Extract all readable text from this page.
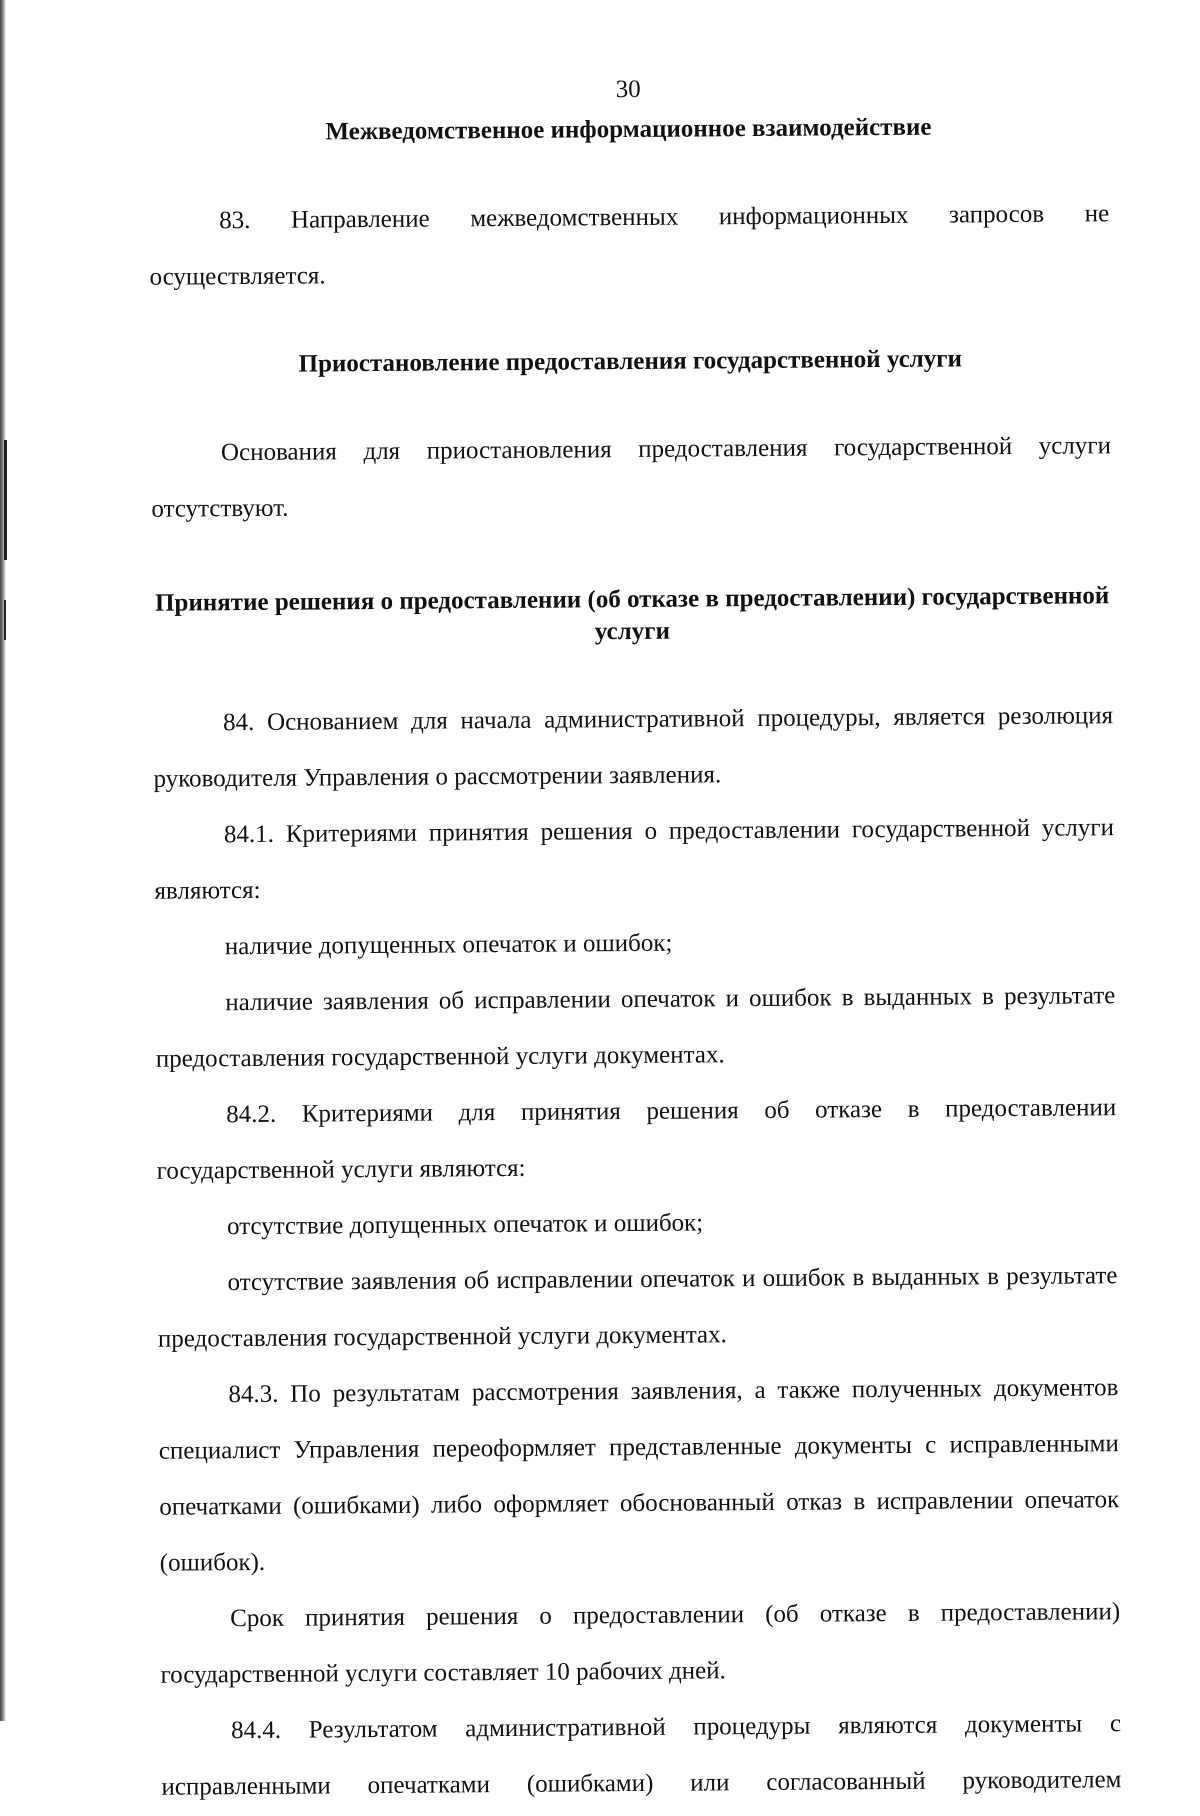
30
Межведомственное информационное взаимодействие

83. Направление межведомственных информационных запросов не осуществляется.

Приостановление предоставления государственной услуги

Основания для приостановления предоставления государственной услуги отсутствуют.

Принятие решения о предоставлении (об отказе в предоставлении) государственной услуги

84. Основанием для начала административной процедуры, является резолюция руководителя Управления о рассмотрении заявления.

84.1. Критериями принятия решения о предоставлении государственной услуги являются:

наличие допущенных опечаток и ошибок;

наличие заявления об исправлении опечаток и ошибок в выданных в результате предоставления государственной услуги документах.

84.2. Критериями для принятия решения об отказе в предоставлении государственной услуги являются:

отсутствие допущенных опечаток и ошибок;

отсутствие заявления об исправлении опечаток и ошибок в выданных в результате предоставления государственной услуги документах.

84.3. По результатам рассмотрения заявления, а также полученных документов специалист Управления переоформляет представленные документы с исправленными опечатками (ошибками) либо оформляет обоснованный отказ в исправлении опечаток (ошибок).

Срок принятия решения о предоставлении (об отказе в предоставлении) государственной услуги составляет 10 рабочих дней.

84.4. Результатом административной процедуры являются документы с исправленными опечатками (ошибками) или согласованный руководителем
